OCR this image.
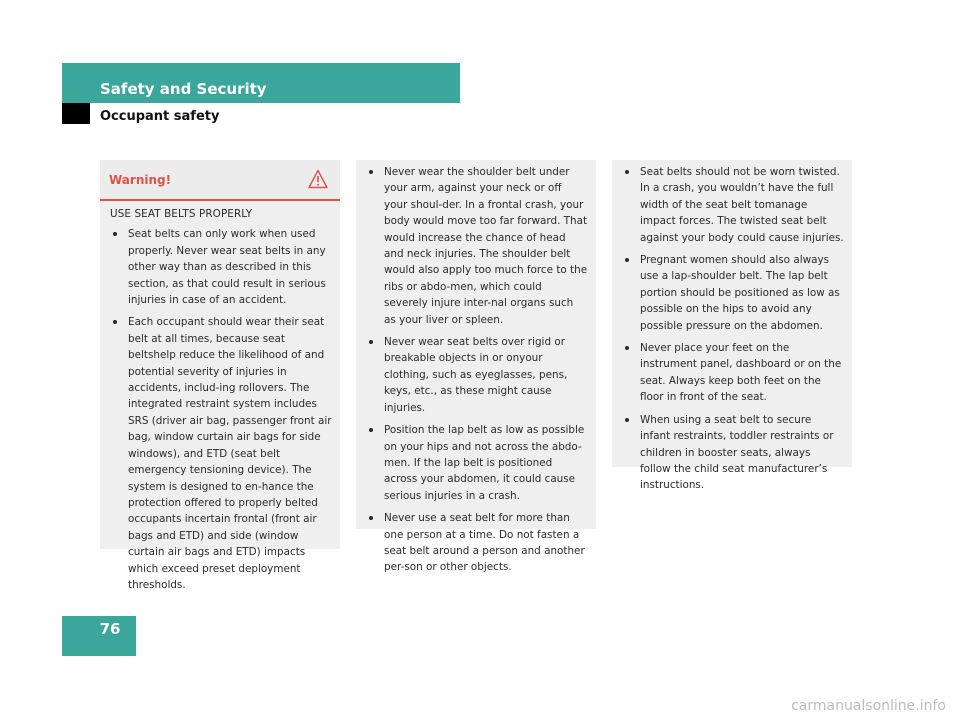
Safety and Security
Occupant safety
Warning!
USE SEAT BELTS PROPERLY
Seat belts can only work when used properly. Never wear seat belts in any other way than as described in this section, as that could result in serious injuries in case of an accident.
Each occupant should wear their seat belt at all times, because seat beltshelp reduce the likelihood of and potential severity of injuries in accidents, includ-ing rollovers. The integrated restraint system includes SRS (driver air bag, passenger front air bag, window curtain air bags for side windows), and ETD (seat belt emergency tensioning device). The system is designed to en-hance the protection offered to properly belted occupants incertain frontal (front air bags and ETD) and side (window curtain air bags and ETD) impacts which exceed preset deployment thresholds.
Never wear the shoulder belt under your arm, against your neck or off your shoul-der. In a frontal crash, your body would move too far forward. That would increase the chance of head and neck injuries. The shoulder belt would also apply too much force to the ribs or abdo-men, which could severely injure inter-nal organs such as your liver or spleen.
Never wear seat belts over rigid or breakable objects in or onyour clothing, such as eyeglasses, pens, keys, etc., as these might cause injuries.
Position the lap belt as low as possible on your hips and not across the abdo-men. If the lap belt is positioned across your abdomen, it could cause serious injuries in a crash.
Never use a seat belt for more than one person at a time. Do not fasten a seat belt around a person and another per-son or other objects.
Seat belts should not be worn twisted. In a crash, you wouldn’t have the full width of the seat belt tomanage impact forces. The twisted seat belt against your body could cause injuries.
Pregnant women should also always use a lap-shoulder belt. The lap belt portion should be positioned as low as possible on the hips to avoid any possible pressure on the abdomen.
Never place your feet on the instrument panel, dashboard or on the seat. Always keep both feet on the floor in front of the seat.
When using a seat belt to secure infant restraints, toddler restraints or children in booster seats, always follow the child seat manufacturer’s instructions.
76
carmanualsonline.info
